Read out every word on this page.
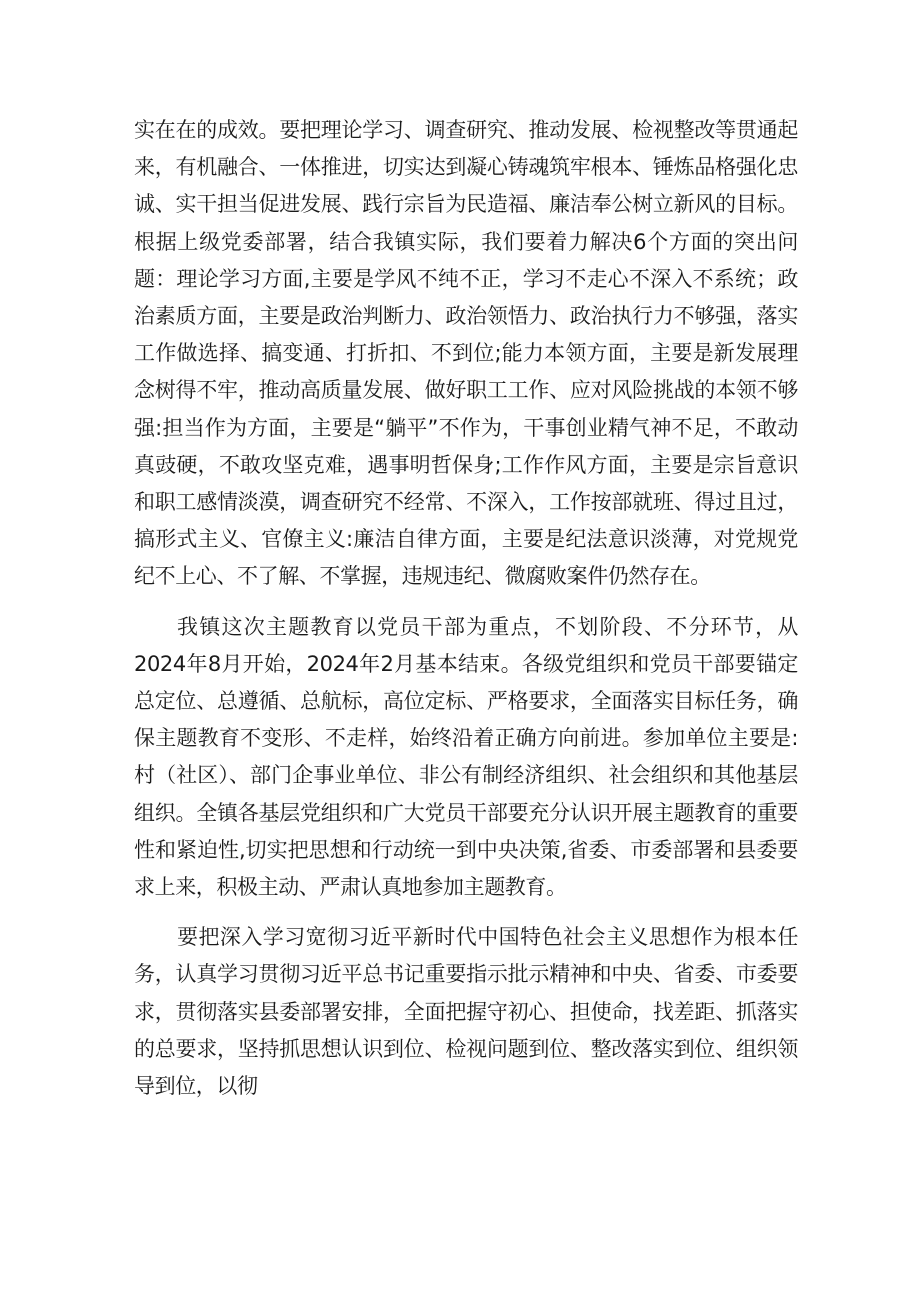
实在在的成效。要把理论学习、调查研究、推动发展、检视整改等贯通起来，有机融合、一体推进，切实达到凝心铸魂筑牢根本、锤炼品格强化忠诚、实干担当促进发展、践行宗旨为民造福、廉洁奉公树立新风的目标。根据上级党委部署，结合我镇实际，我们要着力解决6个方面的突出问题：理论学习方面,主要是学风不纯不正，学习不走心不深入不系统；政治素质方面，主要是政治判断力、政治领悟力、政治执行力不够强，落实工作做选择、搞变通、打折扣、不到位;能力本领方面，主要是新发展理念树得不牢，推动高质量发展、做好职工工作、应对风险挑战的本领不够强:担当作为方面，主要是“躺平”不作为，干事创业精气神不足，不敢动真豉硬，不敢攻坚克难，遇事明哲保身;工作作风方面，主要是宗旨意识和职工感情淡漠，调查研究不经常、不深入，工作按部就班、得过且过，搞形式主义、官僚主义:廉洁自律方面，主要是纪法意识淡薄，对党规党纪不上心、不了解、不掌握，违规违纪、微腐败案件仍然存在。

我镇这次主题教育以党员干部为重点，不划阶段、不分环节，从2024年8月开始，2024年2月基本结束。各级党组织和党员干部要锚定总定位、总遵循、总航标，高位定标、严格要求，全面落实目标任务，确保主题教育不变形、不走样，始终沿着正确方向前进。参加单位主要是:村（社区）、部门企事业单位、非公有制经济组织、社会组织和其他基层组织。全镇各基层党组织和广大党员干部要充分认识开展主题教育的重要性和紧迫性,切实把思想和行动统一到中央决策,省委、市委部署和县委要求上来，积极主动、严肃认真地参加主题教育。

要把深入学习宽彻习近平新时代中国特色社会主义思想作为根本任务，认真学习贯彻习近平总书记重要指示批示精神和中央、省委、市委要求，贯彻落实县委部署安排，全面把握守初心、担使命，找差距、抓落实的总要求，坚持抓思想认识到位、检视问题到位、整改落实到位、组织领导到位，以彻
